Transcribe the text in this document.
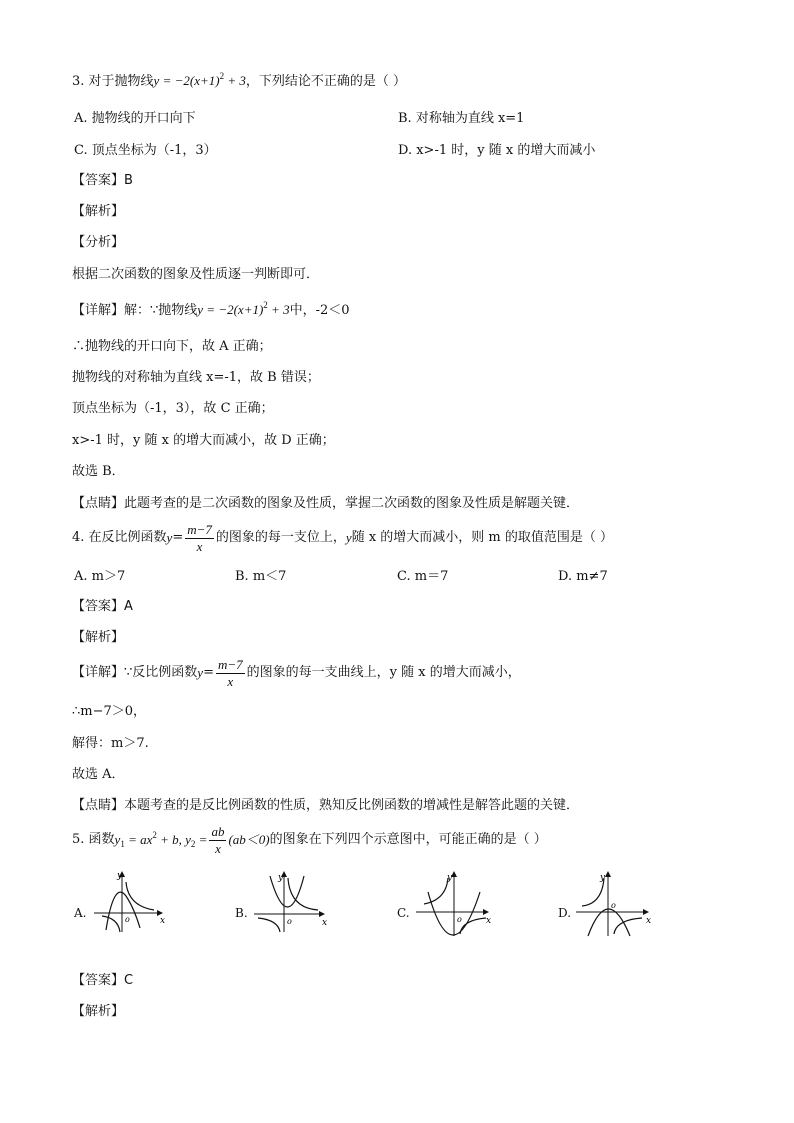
3. 对于抛物线$y = -2(x+1)^2 + 3$，下列结论不正确的是（ ）
A. 抛物线的开口向下	B. 对称轴为直线 x=1
C. 顶点坐标为（-1，3）	D. x>-1 时，y 随 x 的增大而减小
【答案】B
【解析】
【分析】
根据二次函数的图象及性质逐一判断即可．
【详解】解：∵抛物线$y = -2(x+1)^2 + 3$中，-2＜0
∴抛物线的开口向下，故 A 正确；
抛物线的对称轴为直线 x=-1，故 B 错误；
顶点坐标为（-1，3），故 C 正确；
x>-1 时，y 随 x 的增大而减小，故 D 正确；
故选 B．
【点睛】此题考查的是二次函数的图象及性质，掌握二次函数的图象及性质是解题关键．
4. 在反比例函数 $y = \frac{m-7}{x}$ 的图象的每一支位上， y 随 x 的增大而减小，则 m 的取值范围是（ ）
A. m＞7	B. m＜7	C. m＝7	D. m≠7
【答案】A
【解析】
【详解】∵反比例函数 $y = \frac{m-7}{x}$ 的图象的每一支曲线上，y 随 x 的增大而减小，
∴m−7＞0，
解得：m＞7.
故选 A．
【点睛】本题考查的是反比例函数的性质，熟知反比例函数的增减性是解答此题的关键．
5. 函数 $y_1 = ax^2 + b$, $y_2 = \frac{ab}{x} (ab<0)$ 的图象在下列四个示意图中，可能正确的是（ ）
A.	B.	C.	D.
y
x
o
y
x
o
y
x
o
y
x
o
【答案】C
【解析】
